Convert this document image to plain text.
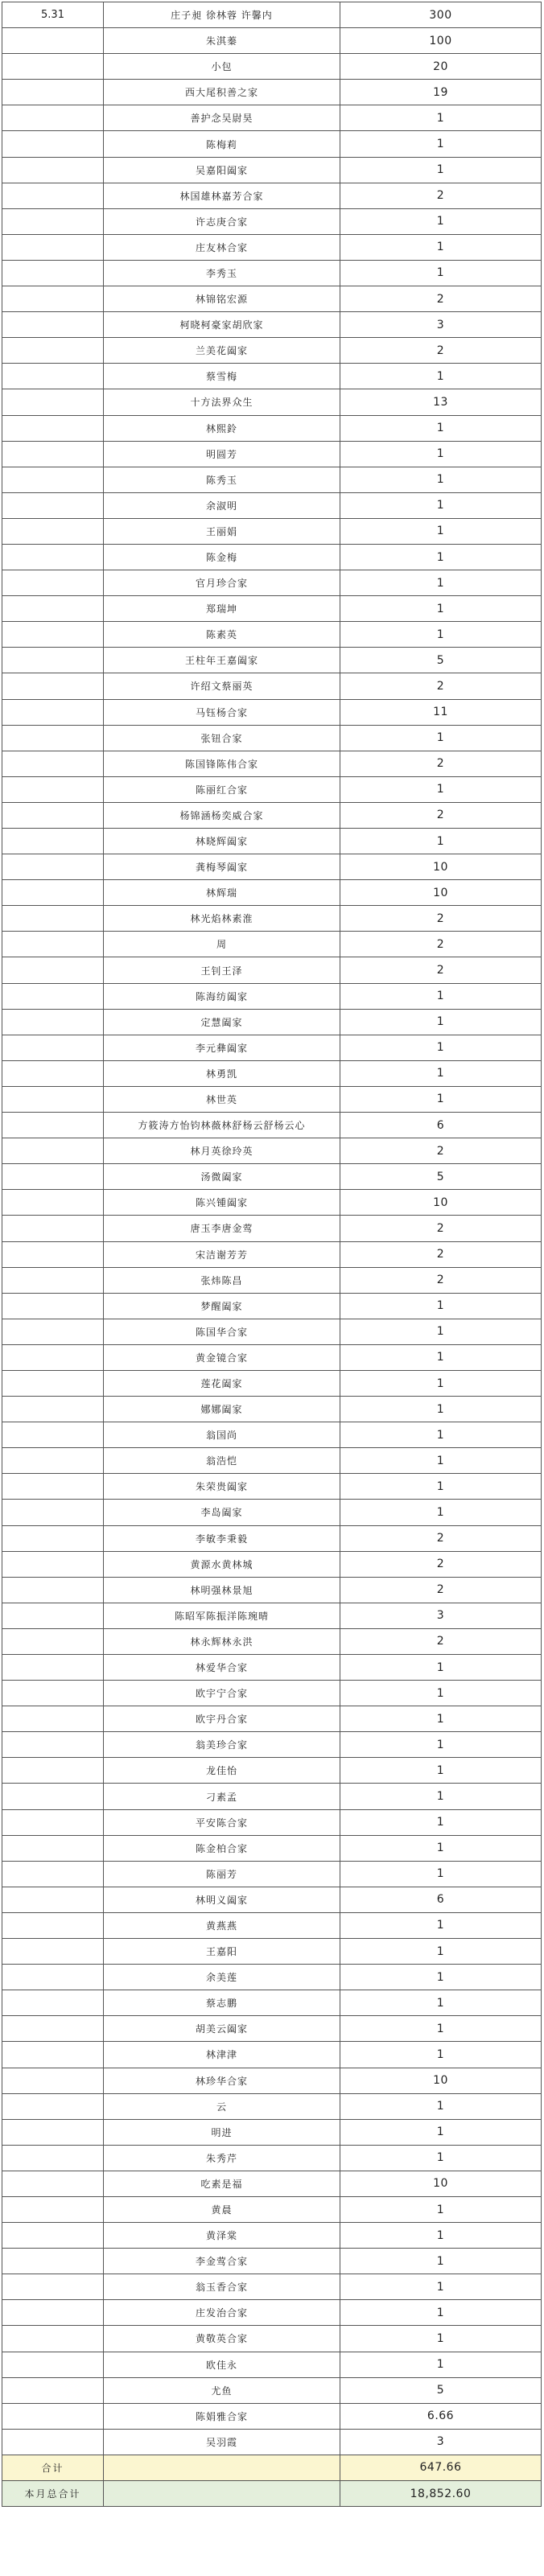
5.31	庄子昶 徐林蓉 许馨内	300
	朱淇蓁	100
	小包	20
	西大尾积善之家	19
	善护念吴尉昊	1
	陈梅莉	1
	吴嘉阳阖家	1
	林国雄林嘉芳合家	2
	许志庚合家	1
	庄友林合家	1
	李秀玉	1
	林锦铭宏源	2
	柯晓柯豪家胡欣家	3
	兰美花阖家	2
	蔡雪梅	1
	十方法界众生	13
	林熙鈴	1
	明圆芳	1
	陈秀玉	1
	余淑明	1
	王丽娟	1
	陈金梅	1
	官月珍合家	1
	郑瑞坤	1
	陈素英	1
	王柱年王嘉阖家	5
	许绍文蔡丽英	2
	马钰杨合家	11
	张钮合家	1
	陈国锋陈伟合家	2
	陈丽红合家	1
	杨锦涵杨奕威合家	2
	林晓辉阖家	1
	龚梅琴阖家	10
	林辉瑞	10
	林光焰林素淮	2
	周	2
	王钊王泽	2
	陈海纺阖家	1
	定慧阖家	1
	李元彝阖家	1
	林勇凯	1
	林世英	1
	方筱涛方怡钧林薇林舒杨云舒杨云心	6
	林月英徐玲英	2
	汤微阖家	5
	陈兴锺阖家	10
	唐玉李唐金莺	2
	宋洁谢芳芳	2
	张炜陈昌	2
	梦醒阖家	1
	陈国华合家	1
	黄金镜合家	1
	莲花阖家	1
	娜娜阖家	1
	翁国尚	1
	翁浩恺	1
	朱荣贵阖家	1
	李岛阖家	1
	李敏李秉毅	2
	黄源水黄林城	2
	林明强林景旭	2
	陈昭军陈振洋陈琬晴	3
	林永辉林永洪	2
	林爱华合家	1
	欧宇宁合家	1
	欧宇丹合家	1
	翁美珍合家	1
	龙佳怡	1
	刁素孟	1
	平安陈合家	1
	陈金柏合家	1
	陈丽芳	1
	林明义阖家	6
	黄燕燕	1
	王嘉阳	1
	余美莲	1
	蔡志鹏	1
	胡美云阖家	1
	林津津	1
	林珍华合家	10
	云	1
	明进	1
	朱秀芹	1
	吃素是福	10
	黄晨	1
	黄泽棠	1
	李金莺合家	1
	翁玉香合家	1
	庄发治合家	1
	黄敬英合家	1
	欧佳永	1
	尤鱼	5
	陈娟雅合家	6.66
	吴羽霞	3
合计		647.66
本月总合计		18,852.60
